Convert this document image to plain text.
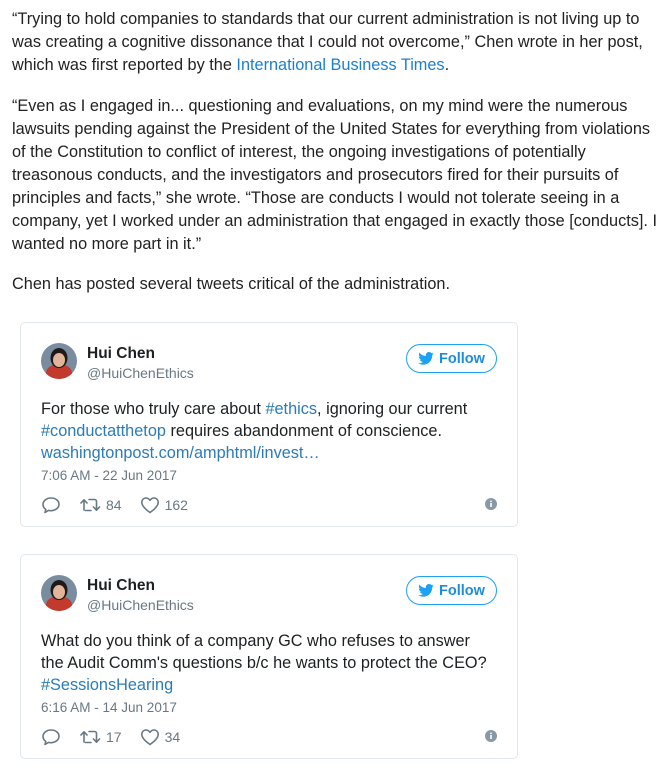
“Trying to hold companies to standards that our current administration is not living up to was creating a cognitive dissonance that I could not overcome,” Chen wrote in her post, which was first reported by the International Business Times.

“Even as I engaged in... questioning and evaluations, on my mind were the numerous lawsuits pending against the President of the United States for everything from violations of the Constitution to conflict of interest, the ongoing investigations of potentially treasonous conducts, and the investigators and prosecutors fired for their pursuits of principles and facts,” she wrote. “Those are conducts I would not tolerate seeing in a company, yet I worked under an administration that engaged in exactly those [conducts]. I wanted no more part in it.”

Chen has posted several tweets critical of the administration.

Hui Chen
@HuiChenEthics
Follow

For those who truly care about #ethics, ignoring our current #conductatthetop requires abandonment of conscience.
washingtonpost.com/amphtml/invest…

7:06 AM - 22 Jun 2017
84	162
Hui Chen
@HuiChenEthics
Follow

What do you think of a company GC who refuses to answer the Audit Comm's questions b/c he wants to protect the CEO?
#SessionsHearing

6:16 AM - 14 Jun 2017
17	34
